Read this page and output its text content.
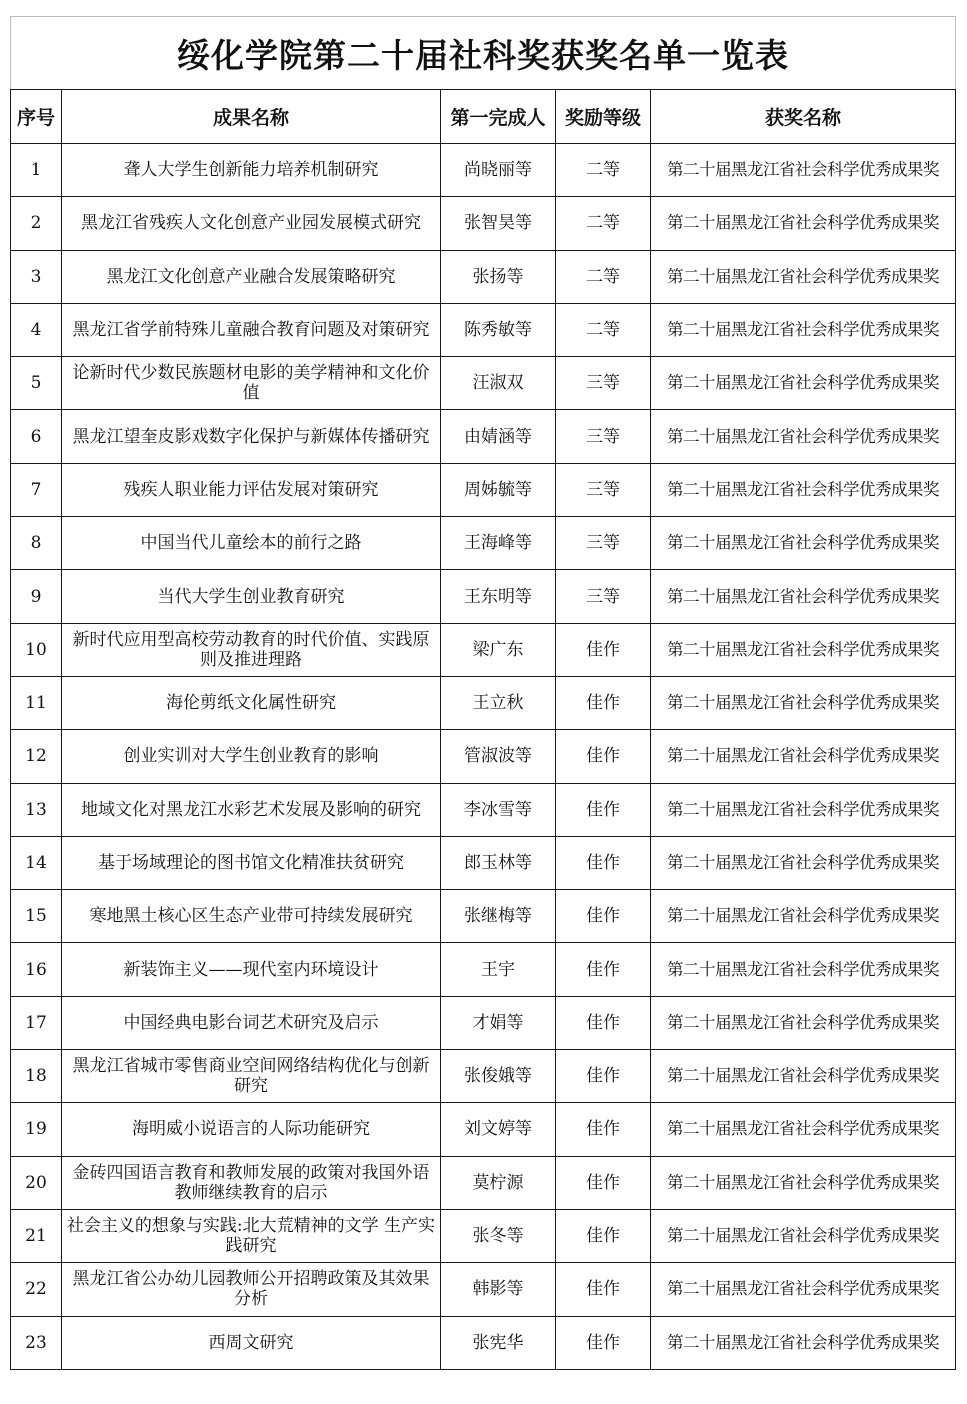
绥化学院第二十届社科奖获奖名单一览表				
序号	成果名称	第一完成人	奖励等级	获奖名称
1	聋人大学生创新能力培养机制研究	尚晓丽等	二等	第二十届黑龙江省社会科学优秀成果奖
2	黑龙江省残疾人文化创意产业园发展模式研究	张智昊等	二等	第二十届黑龙江省社会科学优秀成果奖
3	黑龙江文化创意产业融合发展策略研究	张扬等	二等	第二十届黑龙江省社会科学优秀成果奖
4	黑龙江省学前特殊儿童融合教育问题及对策研究	陈秀敏等	二等	第二十届黑龙江省社会科学优秀成果奖
5	论新时代少数民族题材电影的美学精神和文化价值	汪淑双	三等	第二十届黑龙江省社会科学优秀成果奖
6	黑龙江望奎皮影戏数字化保护与新媒体传播研究	由婧涵等	三等	第二十届黑龙江省社会科学优秀成果奖
7	残疾人职业能力评估发展对策研究	周姊毓等	三等	第二十届黑龙江省社会科学优秀成果奖
8	中国当代儿童绘本的前行之路	王海峰等	三等	第二十届黑龙江省社会科学优秀成果奖
9	当代大学生创业教育研究	王东明等	三等	第二十届黑龙江省社会科学优秀成果奖
10	新时代应用型高校劳动教育的时代价值、实践原则及推进理路	梁广东	佳作	第二十届黑龙江省社会科学优秀成果奖
11	海伦剪纸文化属性研究	王立秋	佳作	第二十届黑龙江省社会科学优秀成果奖
12	创业实训对大学生创业教育的影响	管淑波等	佳作	第二十届黑龙江省社会科学优秀成果奖
13	地域文化对黑龙江水彩艺术发展及影响的研究	李冰雪等	佳作	第二十届黑龙江省社会科学优秀成果奖
14	基于场域理论的图书馆文化精准扶贫研究	郎玉林等	佳作	第二十届黑龙江省社会科学优秀成果奖
15	寒地黑土核心区生态产业带可持续发展研究	张继梅等	佳作	第二十届黑龙江省社会科学优秀成果奖
16	新装饰主义——现代室内环境设计	王宇	佳作	第二十届黑龙江省社会科学优秀成果奖
17	中国经典电影台词艺术研究及启示	才娟等	佳作	第二十届黑龙江省社会科学优秀成果奖
18	黑龙江省城市零售商业空间网络结构优化与创新研究	张俊娥等	佳作	第二十届黑龙江省社会科学优秀成果奖
19	海明威小说语言的人际功能研究	刘文婷等	佳作	第二十届黑龙江省社会科学优秀成果奖
20	金砖四国语言教育和教师发展的政策对我国外语教师继续教育的启示	莫柠源	佳作	第二十届黑龙江省社会科学优秀成果奖
21	社会主义的想象与实践:北大荒精神的文学 生产实践研究	张冬等	佳作	第二十届黑龙江省社会科学优秀成果奖
22	黑龙江省公办幼儿园教师公开招聘政策及其效果分析	韩影等	佳作	第二十届黑龙江省社会科学优秀成果奖
23	西周文研究	张宪华	佳作	第二十届黑龙江省社会科学优秀成果奖
